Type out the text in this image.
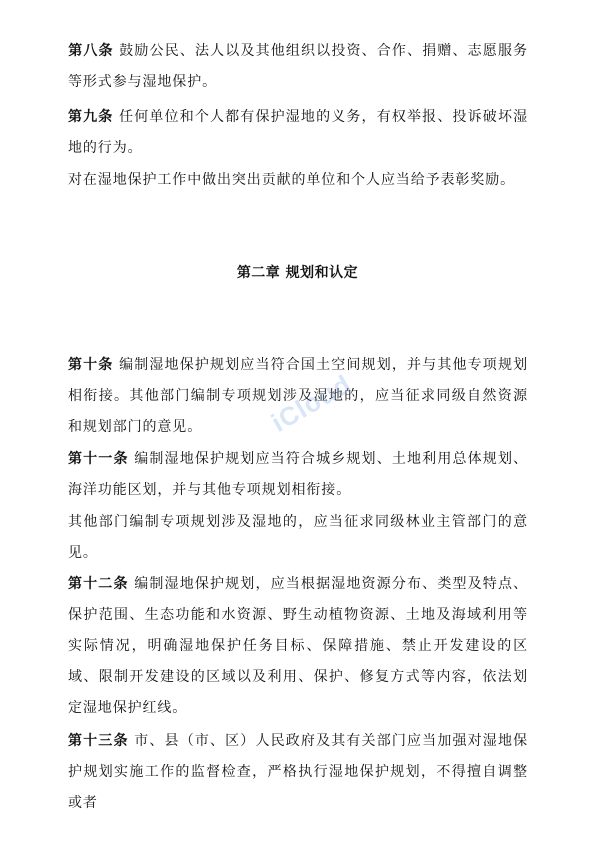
第八条 鼓励公民、法人以及其他组织以投资、合作、捐赠、志愿服务等形式参与湿地保护。

第九条 任何单位和个人都有保护湿地的义务，有权举报、投诉破坏湿地的行为。

对在湿地保护工作中做出突出贡献的单位和个人应当给予表彰奖励。

第二章 规划和认定

第十条 编制湿地保护规划应当符合国土空间规划，并与其他专项规划相衔接。其他部门编制专项规划涉及湿地的，应当征求同级自然资源和规划部门的意见。

第十一条 编制湿地保护规划应当符合城乡规划、土地利用总体规划、海洋功能区划，并与其他专项规划相衔接。

其他部门编制专项规划涉及湿地的，应当征求同级林业主管部门的意见。

第十二条 编制湿地保护规划，应当根据湿地资源分布、类型及特点、保护范围、生态功能和水资源、野生动植物资源、土地及海域利用等实际情况，明确湿地保护任务目标、保障措施、禁止开发建设的区域、限制开发建设的区域以及利用、保护、修复方式等内容，依法划定湿地保护红线。

第十三条 市、县（市、区）人民政府及其有关部门应当加强对湿地保护规划实施工作的监督检查，严格执行湿地保护规划，不得擅自调整或者

iCloud
